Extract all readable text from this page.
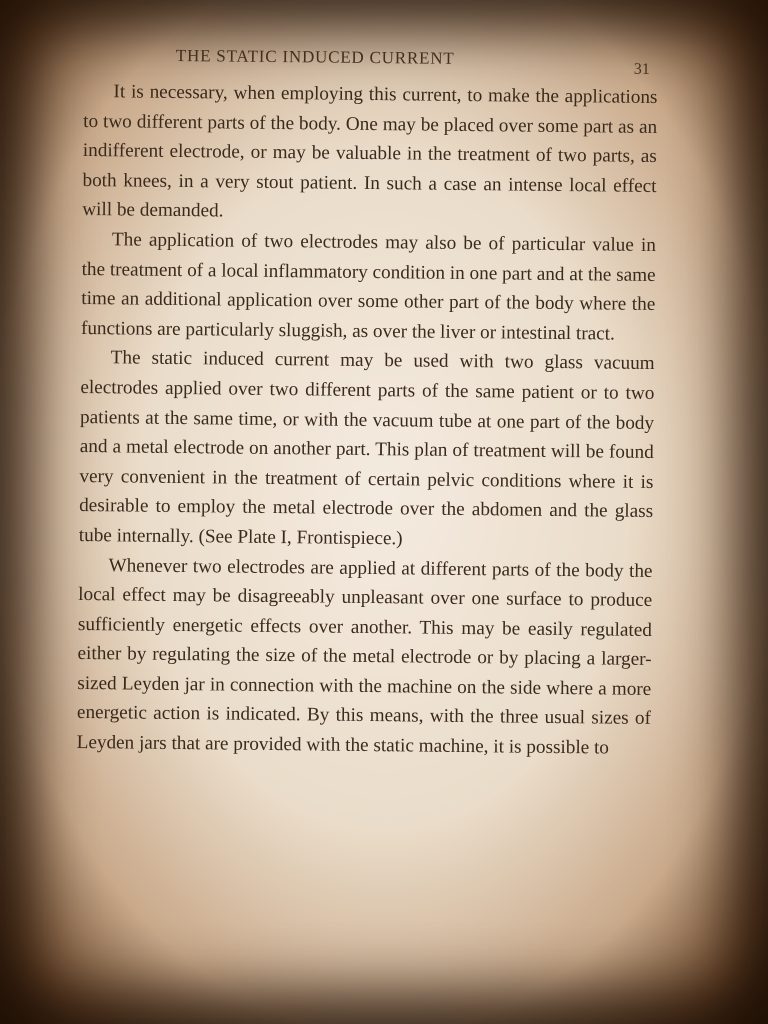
THE STATIC INDUCED CURRENT
31

It is necessary, when employing this current, to make the applications to two different parts of the body. One may be placed over some part as an indifferent electrode, or may be valuable in the treatment of two parts, as both knees, in a very stout patient. In such a case an intense local effect will be demanded.

The application of two electrodes may also be of particular value in the treatment of a local inflammatory condition in one part and at the same time an additional application over some other part of the body where the functions are particularly sluggish, as over the liver or intestinal tract.

The static induced current may be used with two glass vacuum electrodes applied over two different parts of the same patient or to two patients at the same time, or with the vacuum tube at one part of the body and a metal electrode on another part. This plan of treatment will be found very convenient in the treatment of certain pelvic conditions where it is desirable to employ the metal electrode over the abdomen and the glass tube internally. (See Plate I, Frontispiece.)

Whenever two electrodes are applied at different parts of the body the local effect may be disagreeably unpleasant over one surface to produce sufficiently energetic effects over another. This may be easily regulated either by regulating the size of the metal electrode or by placing a larger-sized Leyden jar in connection with the machine on the side where a more energetic action is indicated. By this means, with the three usual sizes of Leyden jars that are provided with the static machine, it is possible to
